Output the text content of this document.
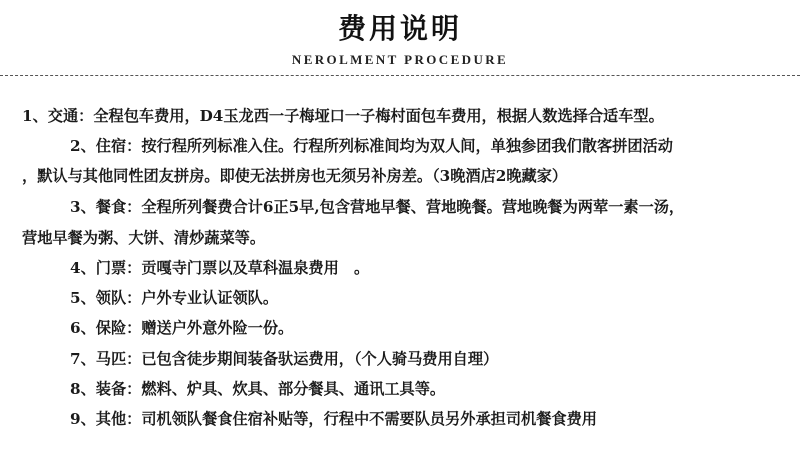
费用说明
NEROLMENT PROCEDURE
1、交通：全程包车费用，D4玉龙西一子梅垭口一子梅村面包车费用，根据人数选择合适车型。
2、住宿：按行程所列标准入住。行程所列标准间均为双人间，单独参团我们散客拼团活动
，默认与其他同性团友拼房。即使无法拼房也无须另补房差。（3晚酒店2晚藏家）
3、餐食：全程所列餐费合计6正5早,包含营地早餐、营地晚餐。营地晚餐为两荤一素一汤，
营地早餐为粥、大饼、清炒蔬菜等。
4、门票：贡嘎寺门票以及草科温泉费用　。
5、领队：户外专业认证领队。
6、保险：赠送户外意外险一份。
7、马匹：已包含徒步期间装备驮运费用，（个人骑马费用自理）
8、装备：燃料、炉具、炊具、部分餐具、通讯工具等。
9、其他：司机领队餐食住宿补贴等，行程中不需要队员另外承担司机餐食费用
